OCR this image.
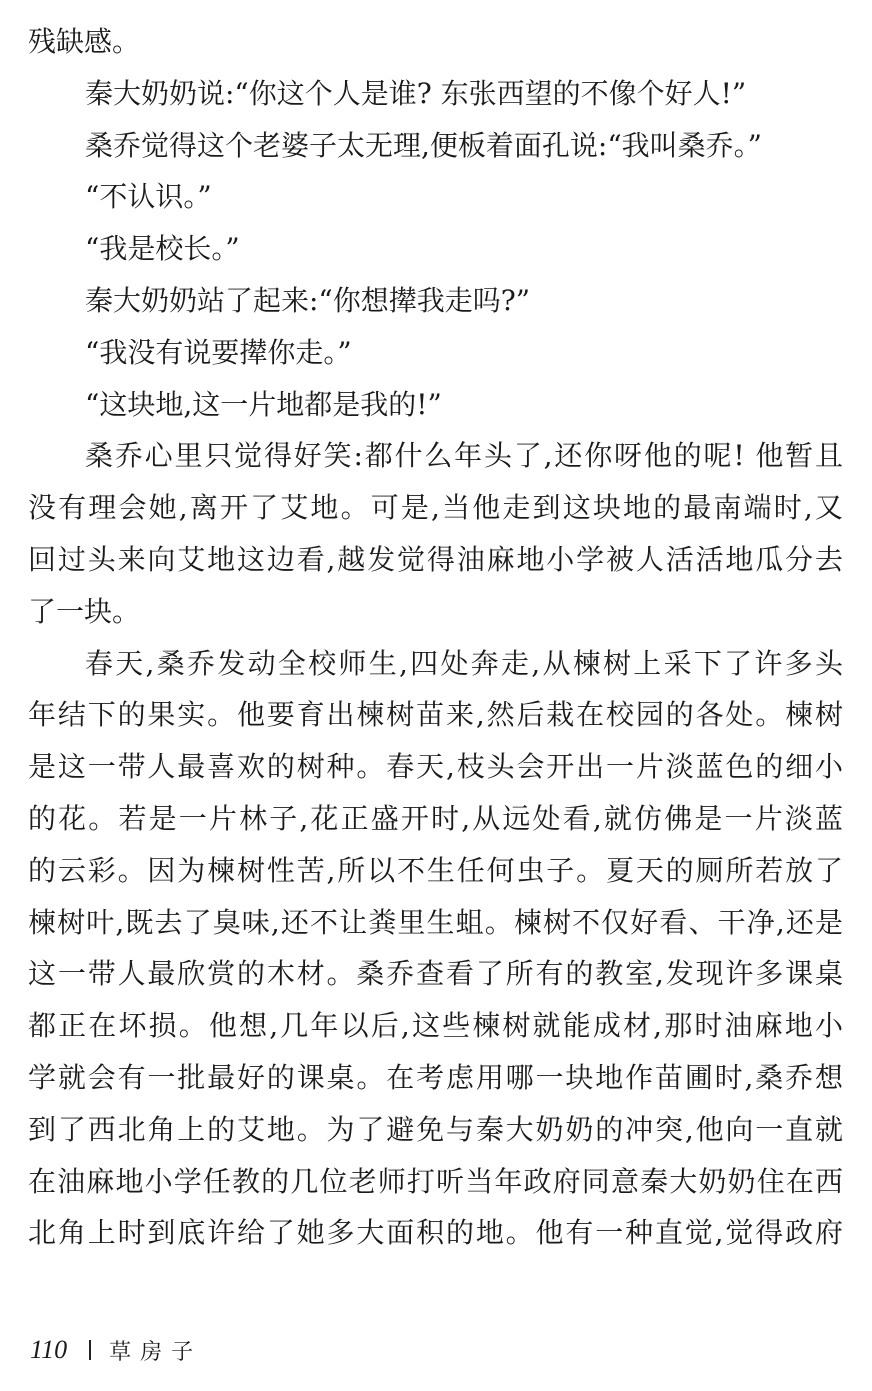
残缺感。
秦大奶奶说:“你这个人是谁? 东张西望的不像个好人!”
桑乔觉得这个老婆子太无理,便板着面孔说:“我叫桑乔。”
“不认识。”
“我是校长。”
秦大奶奶站了起来:“你想撵我走吗?”
“我没有说要撵你走。”
“这块地,这一片地都是我的!”
桑乔心里只觉得好笑:都什么年头了,还你呀他的呢! 他暂且
没有理会她,离开了艾地。可是,当他走到这块地的最南端时,又
回过头来向艾地这边看,越发觉得油麻地小学被人活活地瓜分去
了一块。
春天,桑乔发动全校师生,四处奔走,从楝树上采下了许多头
年结下的果实。他要育出楝树苗来,然后栽在校园的各处。楝树
是这一带人最喜欢的树种。春天,枝头会开出一片淡蓝色的细小
的花。若是一片林子,花正盛开时,从远处看,就仿佛是一片淡蓝
的云彩。因为楝树性苦,所以不生任何虫子。夏天的厕所若放了
楝树叶,既去了臭味,还不让粪里生蛆。楝树不仅好看、干净,还是
这一带人最欣赏的木材。桑乔查看了所有的教室,发现许多课桌
都正在坏损。他想,几年以后,这些楝树就能成材,那时油麻地小
学就会有一批最好的课桌。在考虑用哪一块地作苗圃时,桑乔想
到了西北角上的艾地。为了避免与秦大奶奶的冲突,他向一直就
在油麻地小学任教的几位老师打听当年政府同意秦大奶奶住在西
北角上时到底许给了她多大面积的地。他有一种直觉,觉得政府
110 草房子
